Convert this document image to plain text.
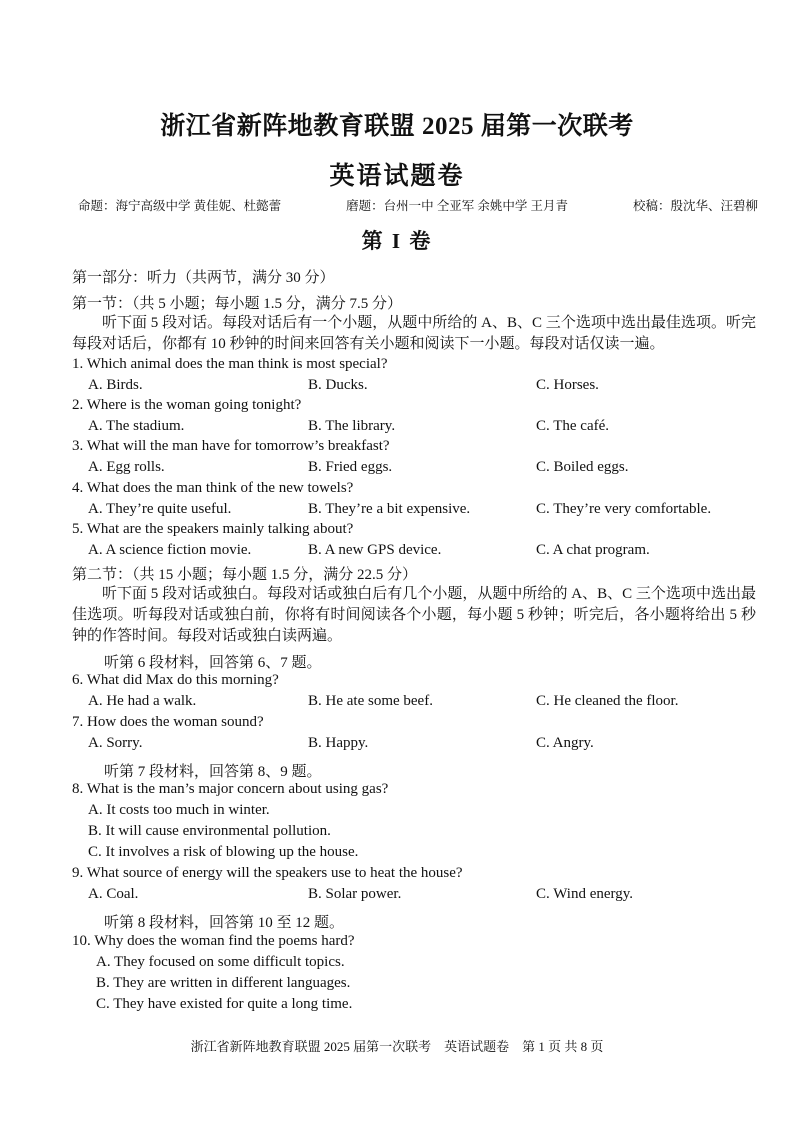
浙江省新阵地教育联盟 2025 届第一次联考
英语试题卷
命题：海宁高级中学 黄佳妮、杜懿蕾	磨题：台州一中 仝亚军 余姚中学 王月青	校稿：殷沈华、汪碧柳
第 I 卷
第一部分：听力（共两节，满分 30 分）
第一节：（共 5 小题；每小题 1.5 分，满分 7.5 分）
听下面 5 段对话。每段对话后有一个小题，从题中所给的 A、B、C 三个选项中选出最佳选项。听完每段对话后，你都有 10 秒钟的时间来回答有关小题和阅读下一小题。每段对话仅读一遍。
1. Which animal does the man think is most special?
A. Birds.	B. Ducks.	C. Horses.
2. Where is the woman going tonight?
A. The stadium.	B. The library.	C. The café.
3. What will the man have for tomorrow’s breakfast?
A. Egg rolls.	B. Fried eggs.	C. Boiled eggs.
4. What does the man think of the new towels?
A. They’re quite useful.	B. They’re a bit expensive.	C. They’re very comfortable.
5. What are the speakers mainly talking about?
A. A science fiction movie.	B. A new GPS device.	C. A chat program.
第二节：（共 15 小题；每小题 1.5 分，满分 22.5 分）
听下面 5 段对话或独白。每段对话或独白后有几个小题，从题中所给的 A、B、C 三个选项中选出最佳选项。听每段对话或独白前，你将有时间阅读各个小题，每小题 5 秒钟；听完后，各小题将给出 5 秒钟的作答时间。每段对话或独白读两遍。
听第 6 段材料，回答第 6、7 题。
6. What did Max do this morning?
A. He had a walk.	B. He ate some beef.	C. He cleaned the floor.
7. How does the woman sound?
A. Sorry.	B. Happy.	C. Angry.
听第 7 段材料，回答第 8、9 题。
8. What is the man’s major concern about using gas?
A. It costs too much in winter.
B. It will cause environmental pollution.
C. It involves a risk of blowing up the house.
9. What source of energy will the speakers use to heat the house?
A. Coal.	B. Solar power.	C. Wind energy.
听第 8 段材料，回答第 10 至 12 题。
10. Why does the woman find the poems hard?
A. They focused on some difficult topics.
B. They are written in different languages.
C. They have existed for quite a long time.
浙江省新阵地教育联盟 2025 届第一次联考　英语试题卷　第 1 页 共 8 页
